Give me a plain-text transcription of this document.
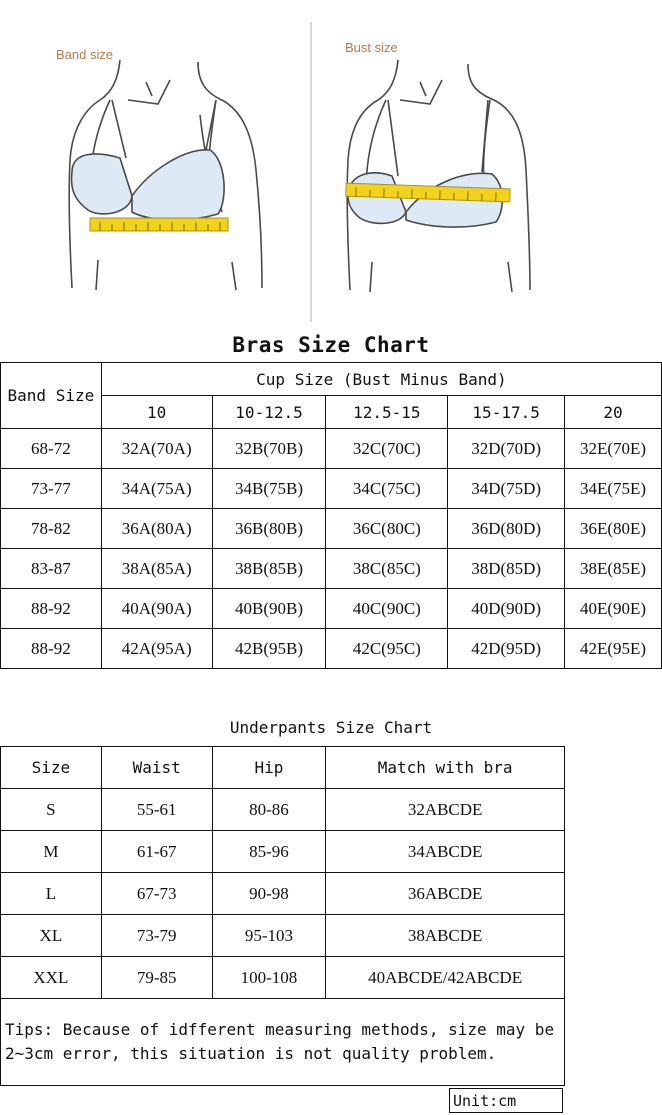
Band size	Bust size
Bras Size Chart
Band Size	Cup Size (Bust Minus Band)				
	10	10-12.5	12.5-15	15-17.5	20
68-72	32A(70A)	32B(70B)	32C(70C)	32D(70D)	32E(70E)
73-77	34A(75A)	34B(75B)	34C(75C)	34D(75D)	34E(75E)
78-82	36A(80A)	36B(80B)	36C(80C)	36D(80D)	36E(80E)
83-87	38A(85A)	38B(85B)	38C(85C)	38D(85D)	38E(85E)
88-92	40A(90A)	40B(90B)	40C(90C)	40D(90D)	40E(90E)
88-92	42A(95A)	42B(95B)	42C(95C)	42D(95D)	42E(95E)
Underpants Size Chart
Size	Waist	Hip	Match with bra
S	55-61	80-86	32ABCDE
M	61-67	85-96	34ABCDE
L	67-73	90-98	36ABCDE
XL	73-79	95-103	38ABCDE
XXL	79-85	100-108	40ABCDE/42ABCDE
Tips: Because of idfferent measuring methods, size may be 2~3cm error, this situation is not quality problem.			
Unit:cm
